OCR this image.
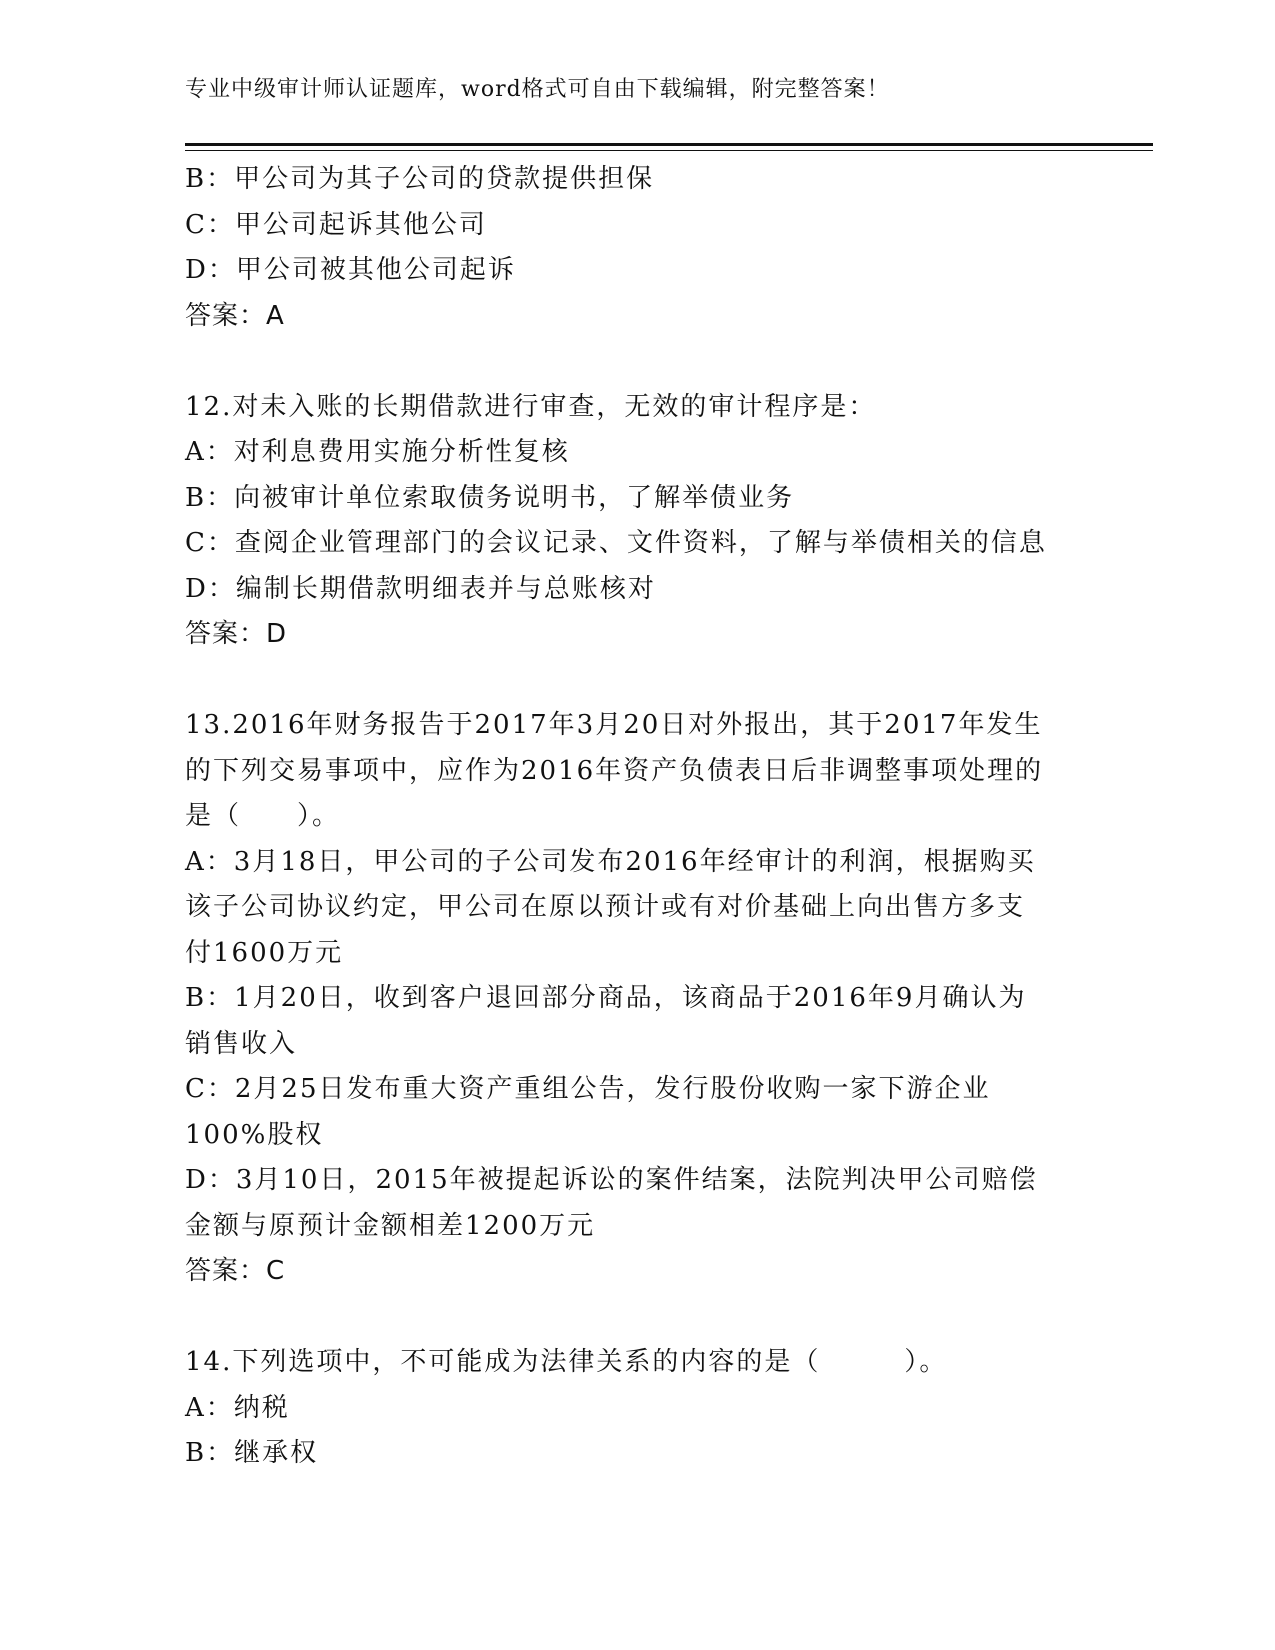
专业中级审计师认证题库，word格式可自由下载编辑，附完整答案！
B：甲公司为其子公司的贷款提供担保
C：甲公司起诉其他公司
D：甲公司被其他公司起诉
答案：A
12.对未入账的长期借款进行审查，无效的审计程序是：
A：对利息费用实施分析性复核
B：向被审计单位索取债务说明书，了解举债业务
C：查阅企业管理部门的会议记录、文件资料，了解与举债相关的信息
D：编制长期借款明细表并与总账核对
答案：D
13.2016年财务报告于2017年3月20日对外报出，其于2017年发生
的下列交易事项中，应作为2016年资产负债表日后非调整事项处理的
是（　　）。
A：3月18日，甲公司的子公司发布2016年经审计的利润，根据购买
该子公司协议约定，甲公司在原以预计或有对价基础上向出售方多支
付1600万元
B：1月20日，收到客户退回部分商品，该商品于2016年9月确认为
销售收入
C：2月25日发布重大资产重组公告，发行股份收购一家下游企业
100%股权
D：3月10日，2015年被提起诉讼的案件结案，法院判决甲公司赔偿
金额与原预计金额相差1200万元
答案：C
14.下列选项中，不可能成为法律关系的内容的是（　　　）。
A：纳税
B：继承权
